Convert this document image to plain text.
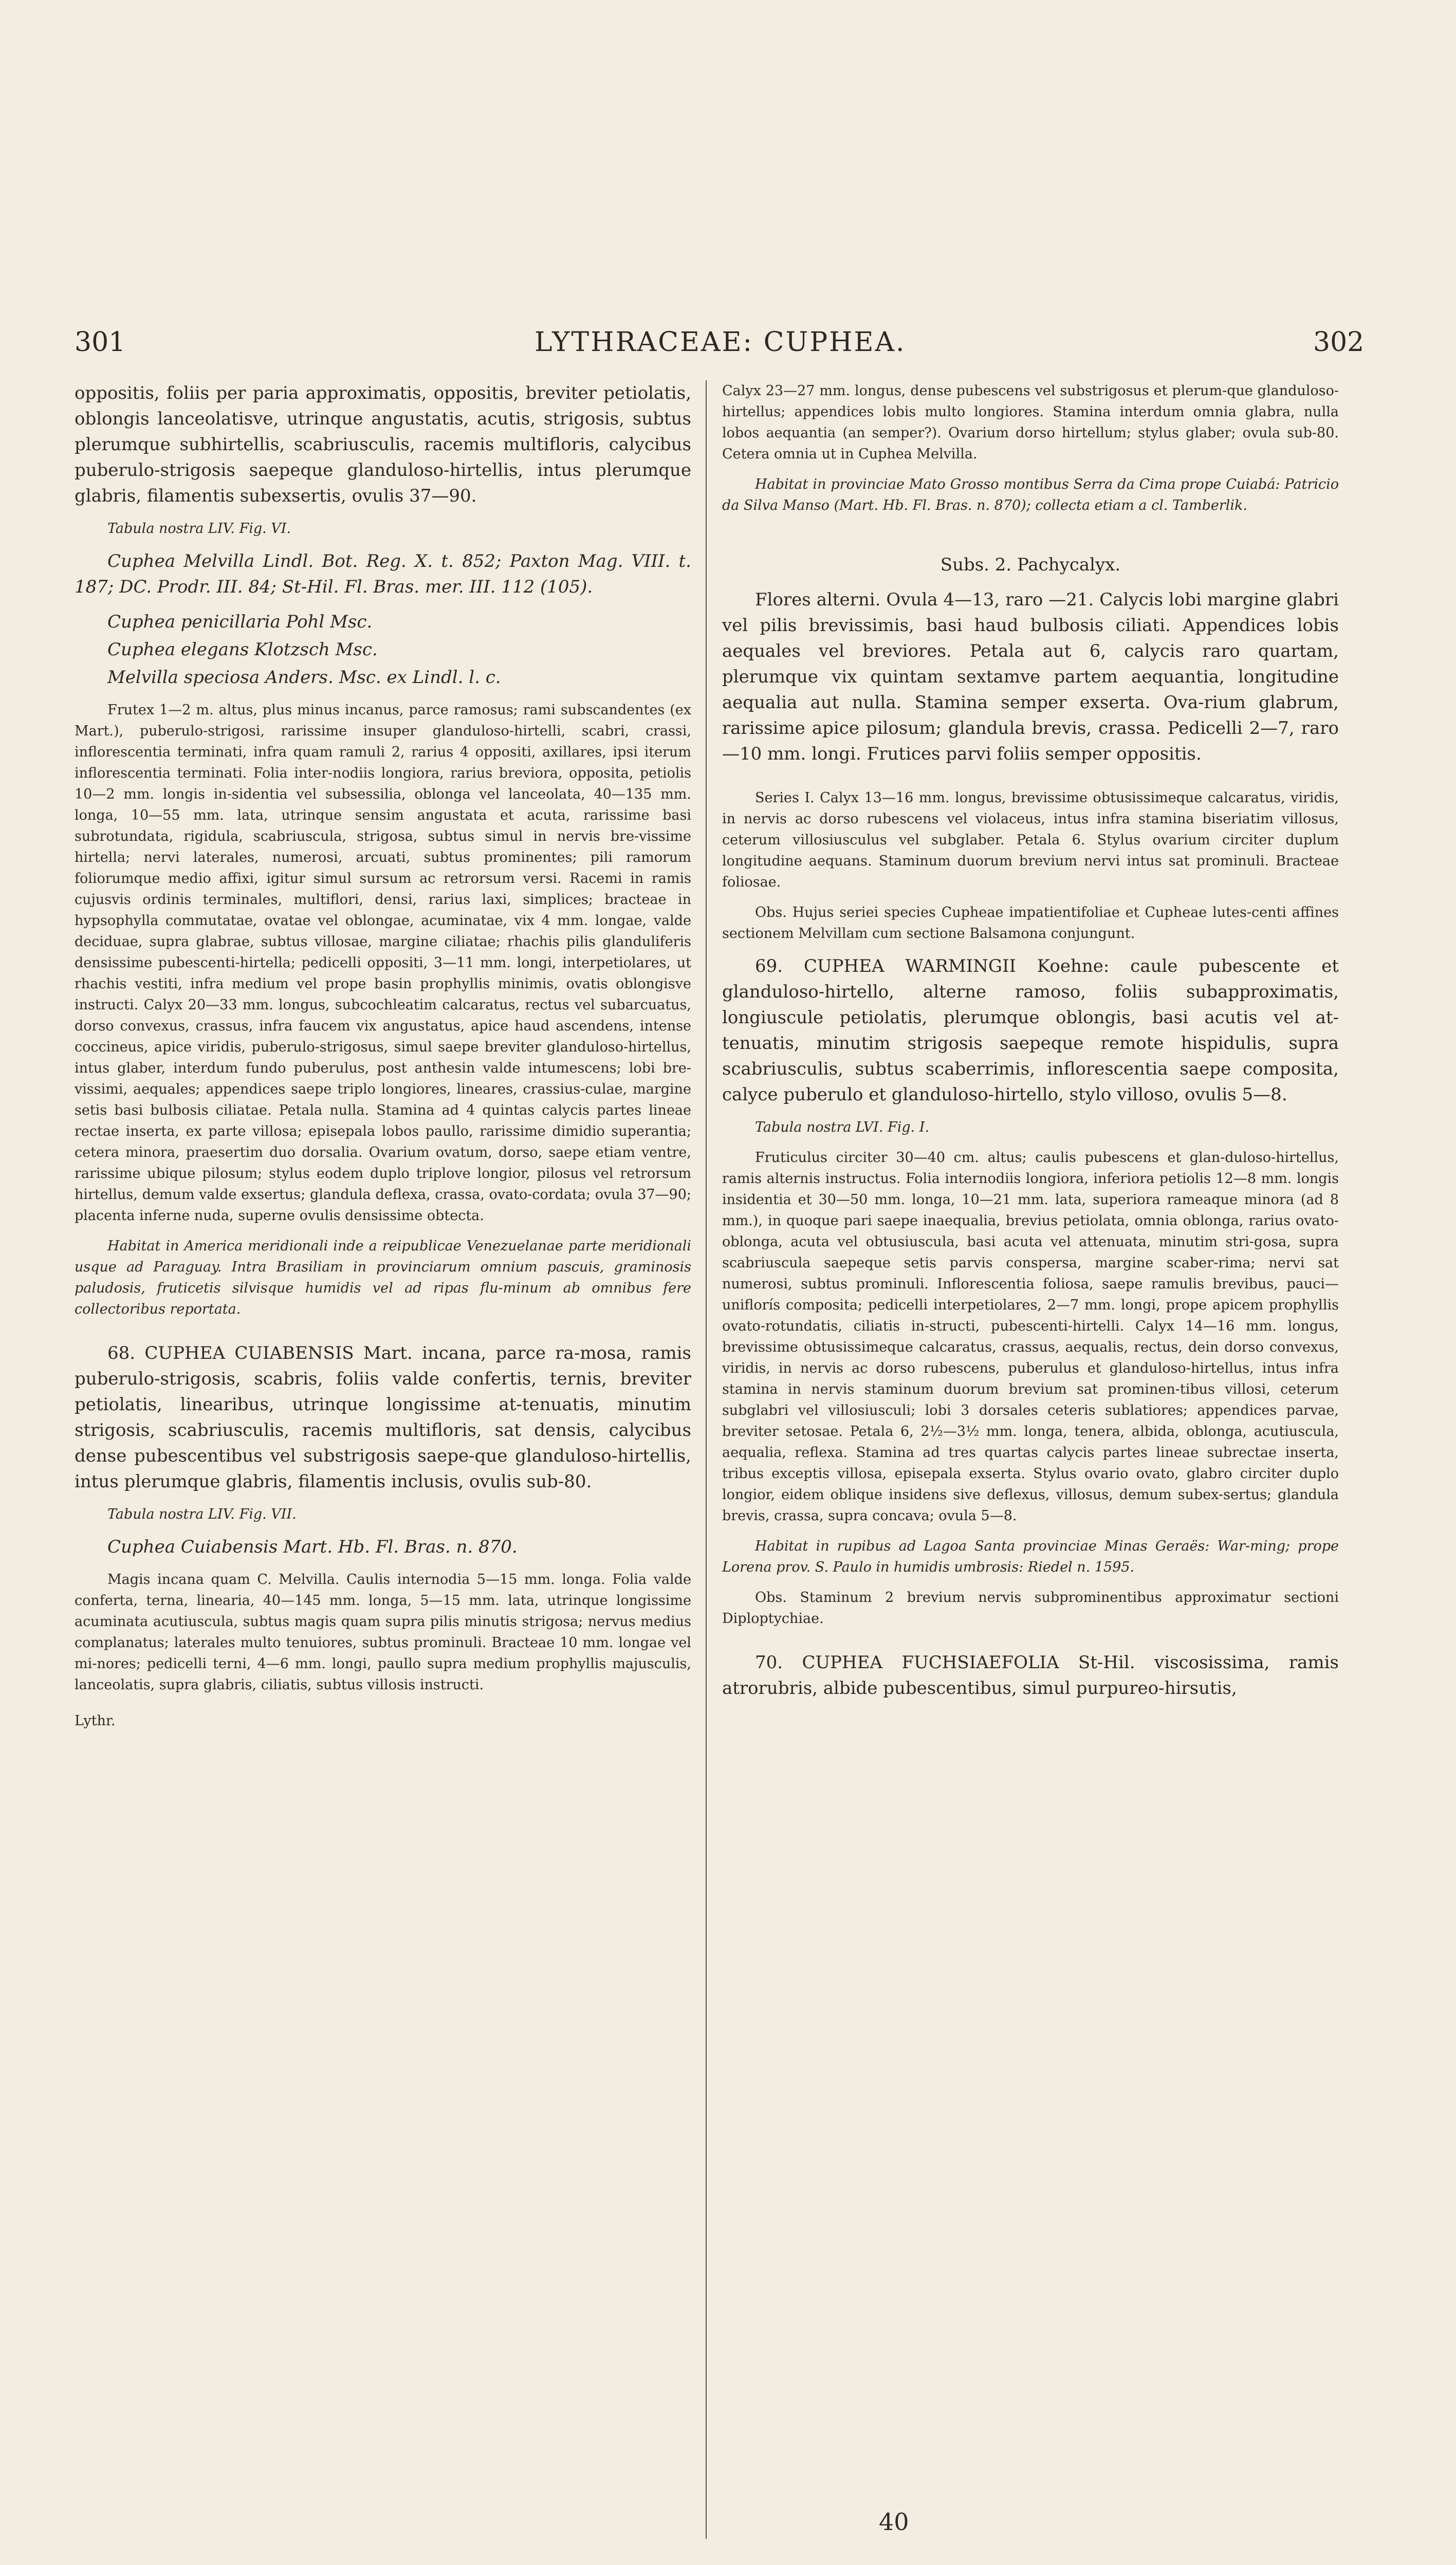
301	LYTHRACEAE: CUPHEA.	302

oppositis, foliis per paria approximatis, oppositis, breviter petiolatis, oblongis lanceolatisve, utrinque angustatis, acutis, strigosis, subtus plerumque subhirtellis, scabriusculis, racemis multifloris, calycibus puberulo-strigosis saepeque glanduloso-hirtellis, intus plerumque glabris, filamentis subexsertis, ovulis 37—90.

Tabula nostra LIV. Fig. VI.

Cuphea Melvilla Lindl. Bot. Reg. X. t. 852; Paxton Mag. VIII. t. 187; DC. Prodr. III. 84; St-Hil. Fl. Bras. mer. III. 112 (105).

Cuphea penicillaria Pohl Msc.

Cuphea elegans Klotzsch Msc.

Melvilla speciosa Anders. Msc. ex Lindl. l. c.

Frutex 1—2 m. altus, plus minus incanus, parce ramosus; rami subscandentes (ex Mart.), puberulo-strigosi, rarissime insuper glanduloso-hirtelli, scabri, crassi, inflorescentia terminati, infra quam ramuli 2, rarius 4 oppositi, axillares, ipsi iterum inflorescentia terminati. Folia inter-nodiis longiora, rarius breviora, opposita, petiolis 10—2 mm. longis in-sidentia vel subsessilia, oblonga vel lanceolata, 40—135 mm. longa, 10—55 mm. lata, utrinque sensim angustata et acuta, rarissime basi subrotundata, rigidula, scabriuscula, strigosa, subtus simul in nervis bre-vissime hirtella; nervi laterales, numerosi, arcuati, subtus prominentes; pili ramorum foliorumque medio affixi, igitur simul sursum ac retrorsum versi. Racemi in ramis cujusvis ordinis terminales, multiflori, densi, rarius laxi, simplices; bracteae in hypsophylla commutatae, ovatae vel oblongae, acuminatae, vix 4 mm. longae, valde deciduae, supra glabrae, subtus villosae, margine ciliatae; rhachis pilis glanduliferis densissime pubescenti-hirtella; pedicelli oppositi, 3—11 mm. longi, interpetiolares, ut rhachis vestiti, infra medium vel prope basin prophyllis minimis, ovatis oblongisve instructi. Calyx 20—33 mm. longus, subcochleatim calcaratus, rectus vel subarcuatus, dorso convexus, crassus, infra faucem vix angustatus, apice haud ascendens, intense coccineus, apice viridis, puberulo-strigosus, simul saepe breviter glanduloso-hirtellus, intus glaber, interdum fundo puberulus, post anthesin valde intumescens; lobi bre-vissimi, aequales; appendices saepe triplo longiores, lineares, crassius-culae, margine setis basi bulbosis ciliatae. Petala nulla. Stamina ad 4 quintas calycis partes lineae rectae inserta, ex parte villosa; episepala lobos paullo, rarissime dimidio superantia; cetera minora, praesertim duo dorsalia. Ovarium ovatum, dorso, saepe etiam ventre, rarissime ubique pilosum; stylus eodem duplo triplove longior, pilosus vel retrorsum hirtellus, demum valde exsertus; glandula deflexa, crassa, ovato-cordata; ovula 37—90; placenta inferne nuda, superne ovulis densissime obtecta.

Habitat in America meridionali inde a reipublicae Venezuelanae parte meridionali usque ad Paraguay. Intra Brasiliam in provinciarum omnium pascuis, graminosis paludosis, fruticetis silvisque humidis vel ad ripas flu-minum ab omnibus fere collectoribus reportata.

68. CUPHEA CUIABENSIS Mart. incana, parce ra-mosa, ramis puberulo-strigosis, scabris, foliis valde confertis, ternis, breviter petiolatis, linearibus, utrinque longissime at-tenuatis, minutim strigosis, scabriusculis, racemis multifloris, sat densis, calycibus dense pubescentibus vel substrigosis saepe-que glanduloso-hirtellis, intus plerumque glabris, filamentis inclusis, ovulis sub-80.

Tabula nostra LIV. Fig. VII.

Cuphea Cuiabensis Mart. Hb. Fl. Bras. n. 870.

Magis incana quam C. Melvilla. Caulis internodia 5—15 mm. longa. Folia valde conferta, terna, linearia, 40—145 mm. longa, 5—15 mm. lata, utrinque longissime acuminata acutiuscula, subtus magis quam supra pilis minutis strigosa; nervus medius complanatus; laterales multo tenuiores, subtus prominuli. Bracteae 10 mm. longae vel mi-nores; pedicelli terni, 4—6 mm. longi, paullo supra medium prophyllis majusculis, lanceolatis, supra glabris, ciliatis, subtus villosis instructi.

Lythr.

Calyx 23—27 mm. longus, dense pubescens vel substrigosus et plerum-que glanduloso-hirtellus; appendices lobis multo longiores. Stamina interdum omnia glabra, nulla lobos aequantia (an semper?). Ovarium dorso hirtellum; stylus glaber; ovula sub-80. Cetera omnia ut in Cuphea Melvilla.

Habitat in provinciae Mato Grosso montibus Serra da Cima prope Cuiabá: Patricio da Silva Manso (Mart. Hb. Fl. Bras. n. 870); collecta etiam a cl. Tamberlik.

Subs. 2. Pachycalyx.

Flores alterni. Ovula 4—13, raro —21. Calycis lobi margine glabri vel pilis brevissimis, basi haud bulbosis ciliati. Appendices lobis aequales vel breviores. Petala aut 6, calycis raro quartam, plerumque vix quintam sextamve partem aequantia, longitudine aequalia aut nulla. Stamina semper exserta. Ova-rium glabrum, rarissime apice pilosum; glandula brevis, crassa. Pedicelli 2—7, raro —10 mm. longi. Frutices parvi foliis semper oppositis.

Series I. Calyx 13—16 mm. longus, brevissime obtusissimeque calcaratus, viridis, in nervis ac dorso rubescens vel violaceus, intus infra stamina biseriatim villosus, ceterum villosiusculus vel subglaber. Petala 6. Stylus ovarium circiter duplum longitudine aequans. Staminum duorum brevium nervi intus sat prominuli. Bracteae foliosae.

Obs. Hujus seriei species Cupheae impatientifoliae et Cupheae lutes-centi affines sectionem Melvillam cum sectione Balsamona conjungunt.

69. CUPHEA WARMINGII Koehne: caule pubescente et glanduloso-hirtello, alterne ramoso, foliis subapproximatis, longiuscule petiolatis, plerumque oblongis, basi acutis vel at-tenuatis, minutim strigosis saepeque remote hispidulis, supra scabriusculis, subtus scaberrimis, inflorescentia saepe composita, calyce puberulo et glanduloso-hirtello, stylo villoso, ovulis 5—8.

Tabula nostra LVI. Fig. I.

Fruticulus circiter 30—40 cm. altus; caulis pubescens et glan-duloso-hirtellus, ramis alternis instructus. Folia internodiis longiora, inferiora petiolis 12—8 mm. longis insidentia et 30—50 mm. longa, 10—21 mm. lata, superiora rameaque minora (ad 8 mm.), in quoque pari saepe inaequalia, brevius petiolata, omnia oblonga, rarius ovato-oblonga, acuta vel obtusiuscula, basi acuta vel attenuata, minutim stri-gosa, supra scabriuscula saepeque setis parvis conspersa, margine scaber-rima; nervi sat numerosi, subtus prominuli. Inflorescentia foliosa, saepe ramulis brevibus, pauci—uniflorís composita; pedicelli interpetiolares, 2—7 mm. longi, prope apicem prophyllis ovato-rotundatis, ciliatis in-structi, pubescenti-hirtelli. Calyx 14—16 mm. longus, brevissime obtusissimeque calcaratus, crassus, aequalis, rectus, dein dorso convexus, viridis, in nervis ac dorso rubescens, puberulus et glanduloso-hirtellus, intus infra stamina in nervis staminum duorum brevium sat prominen-tibus villosi, ceterum subglabri vel villosiusculi; lobi 3 dorsales ceteris sublatiores; appendices parvae, breviter setosae. Petala 6, 2½—3½ mm. longa, tenera, albida, oblonga, acutiuscula, aequalia, reflexa. Stamina ad tres quartas calycis partes lineae subrectae inserta, tribus exceptis villosa, episepala exserta. Stylus ovario ovato, glabro circiter duplo longior, eidem oblique insidens sive deflexus, villosus, demum subex-sertus; glandula brevis, crassa, supra concava; ovula 5—8.

Habitat in rupibus ad Lagoa Santa provinciae Minas Geraës: War-ming; prope Lorena prov. S. Paulo in humidis umbrosis: Riedel n. 1595.

Obs. Staminum 2 brevium nervis subprominentibus approximatur sectioni Diploptychiae.

70. CUPHEA FUCHSIAEFOLIA St-Hil. viscosissima, ramis atrorubris, albide pubescentibus, simul purpureo-hirsutis,

40
